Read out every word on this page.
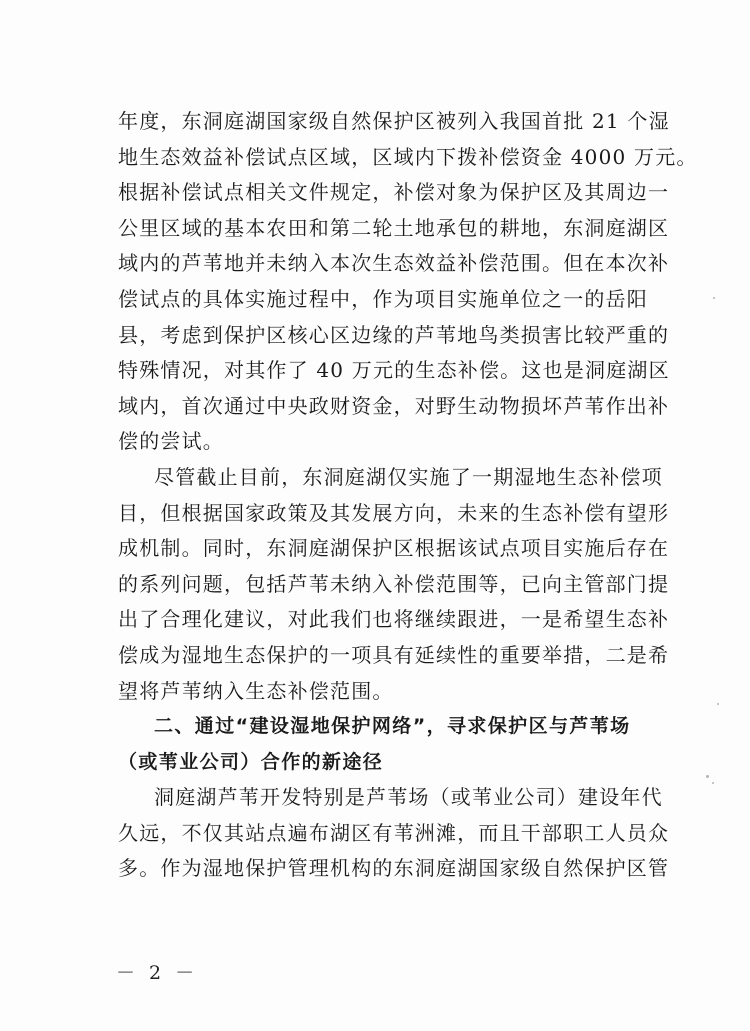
年度，东洞庭湖国家级自然保护区被列入我国首批 21 个湿
地生态效益补偿试点区域，区域内下拨补偿资金 4000 万元。
根据补偿试点相关文件规定，补偿对象为保护区及其周边一
公里区域的基本农田和第二轮土地承包的耕地，东洞庭湖区
域内的芦苇地并未纳入本次生态效益补偿范围。但在本次补
偿试点的具体实施过程中，作为项目实施单位之一的岳阳
县，考虑到保护区核心区边缘的芦苇地鸟类损害比较严重的
特殊情况，对其作了 40 万元的生态补偿。这也是洞庭湖区
域内，首次通过中央政财资金，对野生动物损坏芦苇作出补
偿的尝试。
尽管截止目前，东洞庭湖仅实施了一期湿地生态补偿项
目，但根据国家政策及其发展方向，未来的生态补偿有望形
成机制。同时，东洞庭湖保护区根据该试点项目实施后存在
的系列问题，包括芦苇未纳入补偿范围等，已向主管部门提
出了合理化建议，对此我们也将继续跟进，一是希望生态补
偿成为湿地生态保护的一项具有延续性的重要举措，二是希
望将芦苇纳入生态补偿范围。
二、通过“建设湿地保护网络”，寻求保护区与芦苇场
（或苇业公司）合作的新途径
洞庭湖芦苇开发特别是芦苇场（或苇业公司）建设年代
久远，不仅其站点遍布湖区有苇洲滩，而且干部职工人员众
多。作为湿地保护管理机构的东洞庭湖国家级自然保护区管
－ 2 －
